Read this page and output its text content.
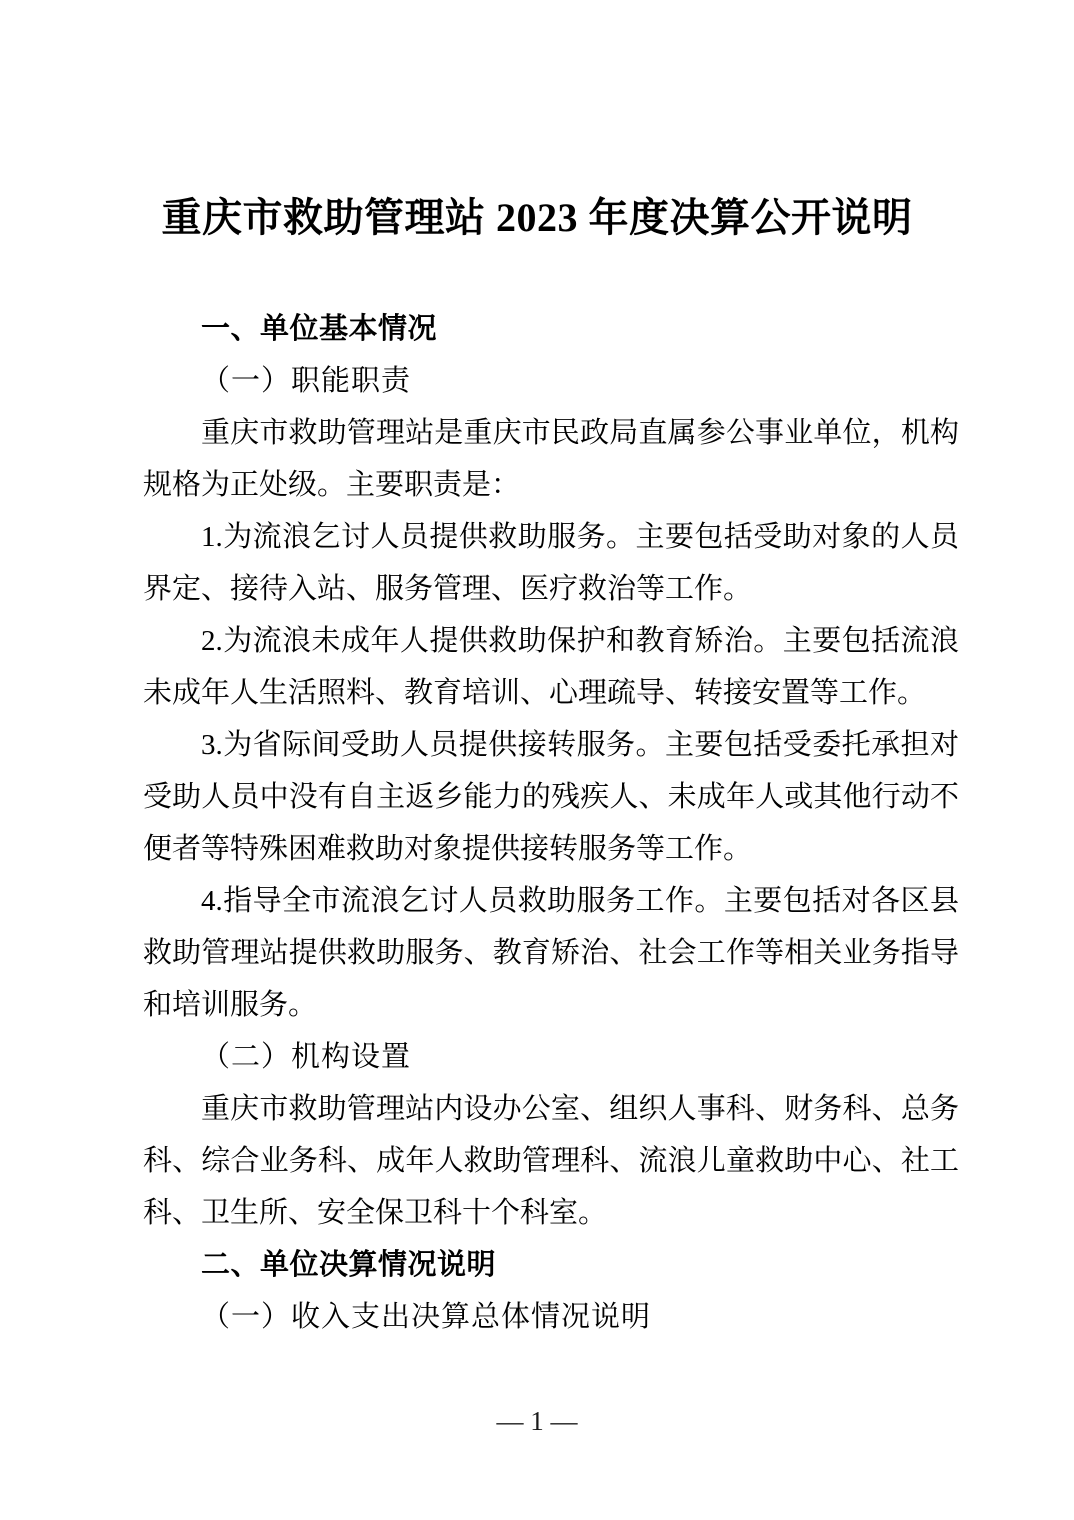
重庆市救助管理站 2023 年度决算公开说明
一、单位基本情况
（一）职能职责
重庆市救助管理站是重庆市民政局直属参公事业单位，机构规格为正处级。主要职责是：
1.为流浪乞讨人员提供救助服务。主要包括受助对象的人员界定、接待入站、服务管理、医疗救治等工作。
2.为流浪未成年人提供救助保护和教育矫治。主要包括流浪未成年人生活照料、教育培训、心理疏导、转接安置等工作。
3.为省际间受助人员提供接转服务。主要包括受委托承担对受助人员中没有自主返乡能力的残疾人、未成年人或其他行动不便者等特殊困难救助对象提供接转服务等工作。
4.指导全市流浪乞讨人员救助服务工作。主要包括对各区县救助管理站提供救助服务、教育矫治、社会工作等相关业务指导和培训服务。
（二）机构设置
重庆市救助管理站内设办公室、组织人事科、财务科、总务科、综合业务科、成年人救助管理科、流浪儿童救助中心、社工科、卫生所、安全保卫科十个科室。
二、单位决算情况说明
（一）收入支出决算总体情况说明
— 1 —
